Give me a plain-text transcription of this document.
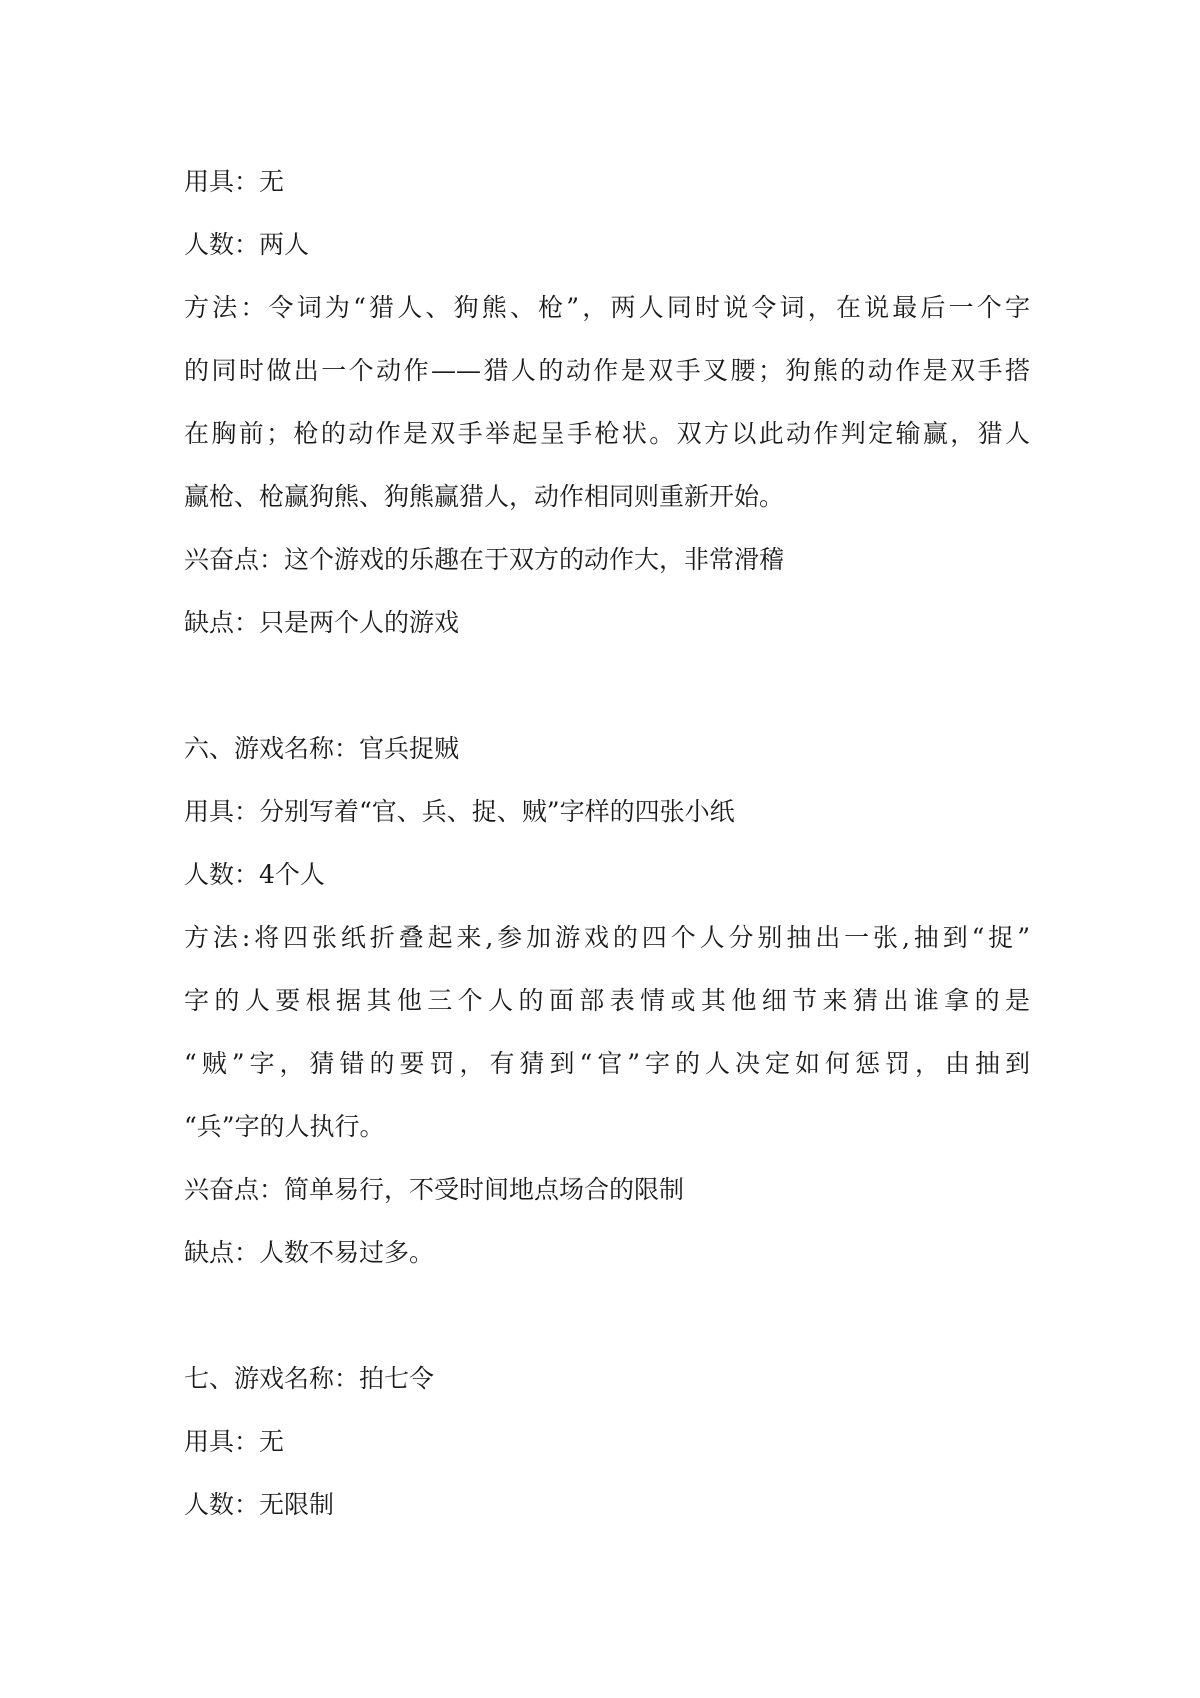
用具：无

人数：两人

方法：令词为“猎人、狗熊、枪”，两人同时说令词，在说最后一个字

的同时做出一个动作——猎人的动作是双手叉腰；狗熊的动作是双手搭

在胸前；枪的动作是双手举起呈手枪状。双方以此动作判定输赢，猎人

赢枪、枪赢狗熊、狗熊赢猎人，动作相同则重新开始。

兴奋点：这个游戏的乐趣在于双方的动作大，非常滑稽

缺点：只是两个人的游戏

六、游戏名称：官兵捉贼

用具：分别写着“官、兵、捉、贼”字样的四张小纸

人数：4个人

方法:将四张纸折叠起来,参加游戏的四个人分别抽出一张,抽到“捉”

字的人要根据其他三个人的面部表情或其他细节来猜出谁拿的是

“贼”字，猜错的要罚，有猜到“官”字的人决定如何惩罚，由抽到

“兵”字的人执行。

兴奋点：简单易行，不受时间地点场合的限制

缺点：人数不易过多。

七、游戏名称：拍七令

用具：无

人数：无限制
